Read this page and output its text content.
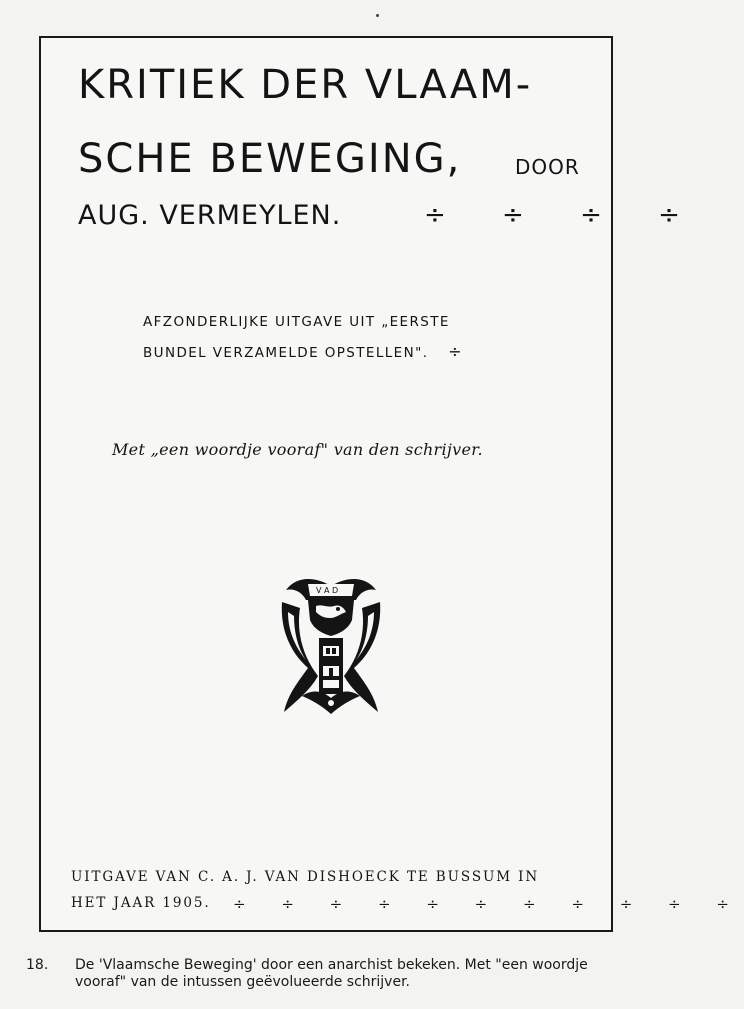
KRITIEK DER VLAAM-
SCHE BEWEGING,	DOOR
AUG. VERMEYLEN.	÷ ÷ ÷ ÷
AFZONDERLIJKE UITGAVE UIT „EERSTE
BUNDEL VERZAMELDE OPSTELLEN". ÷
Met „een woordje vooraf" van den schrijver.
V A D
UITGAVE VAN C. A. J. VAN DISHOECK TE BUSSUM IN
HET JAAR 1905. ÷ ÷ ÷ ÷ ÷ ÷ ÷ ÷ ÷ ÷ ÷
18. De 'Vlaamsche Beweging' door een anarchist bekeken. Met "een woordje vooraf" van de intussen geëvolueerde schrijver.
